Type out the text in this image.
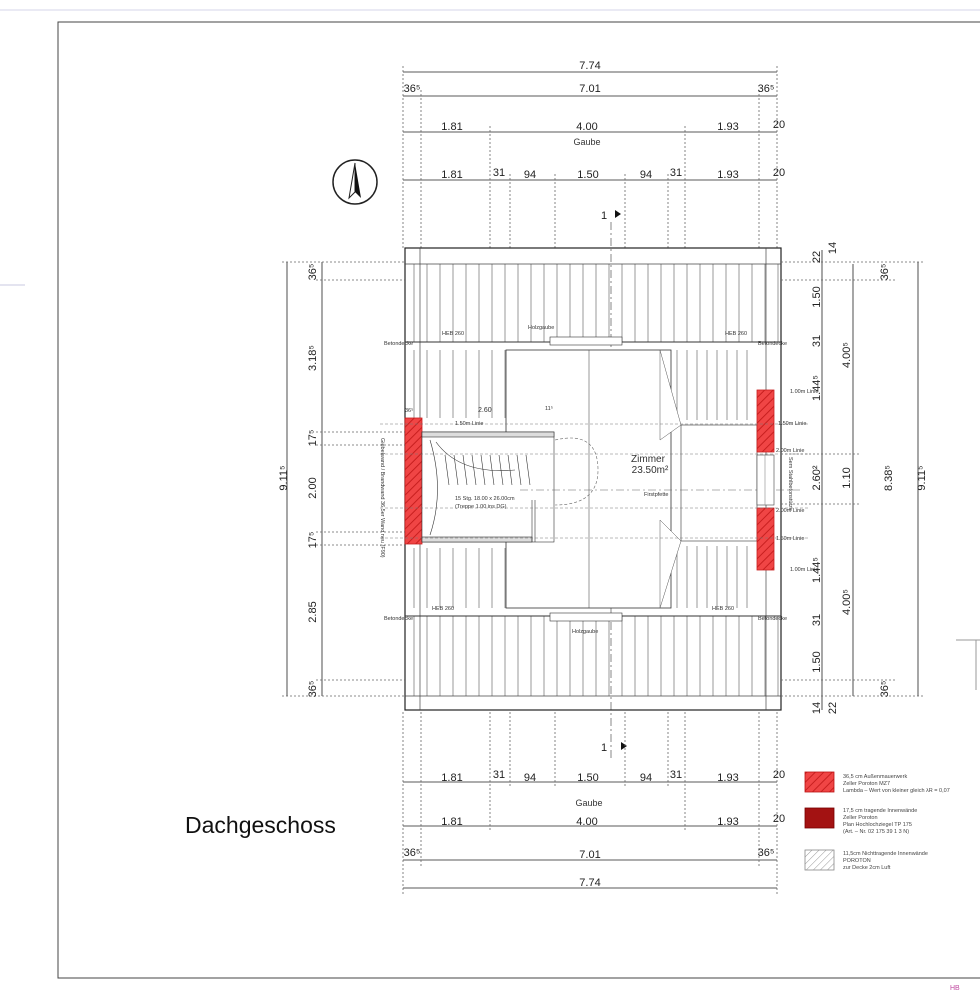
HB
7.74
36⁵	7.01	36⁵
1.81	4.00	1.93	20
Gaube
1.81	31 94	1.50	94 31	1.93	20
1
HEB 260	HEB 260
HEB 260	HEB 260
Betondecke	Betondecke
Betondecke	Betondecke
Holzgaube
Holzgaube
Giebelwand / Brandwand 36.5er Wand neu (F90)
1.50m Linie
2.60	11⁵
36⁵
15 Stg. 18.00 x 26.00cm
(Treppe 1.00 ins DG)
Zimmer
23.50m²
Firstpfette
1.00m Linie
1.50m Linie
2.00m Linie
2.00m Linie
1.50m Linie
1.00m Linie
Sem Stahlbetonstütze
9.11⁵
36⁵
3.18⁵
17⁵
2.00
17⁵
2.85
36⁵
9.11⁵
36⁵
36⁵
8.38⁵
4.00⁵
1.10
4.00⁵
22
14
1.50
31
1.44⁵
2.60²
1.44⁵
31
1.50
14 22
1
1.81	31 94	1.50	94 31	1.93	20
Gaube
1.81	4.00	1.93	20
36⁵	7.01	36⁵
7.74
Dachgeschoss
36,5 cm Außenmauerwerk
Zeller Poroton MZ7
Lambda – Wert von kleiner gleich λR = 0,07
17,5 cm tragende Innenwände
Zeller Poroton
Plan Hochlochziegel TP 175
(Art. – Nr. 02 175 39 1 3 N)
11,5cm Nichttragende Innenwände
POROTON
zur Decke 2cm Luft
